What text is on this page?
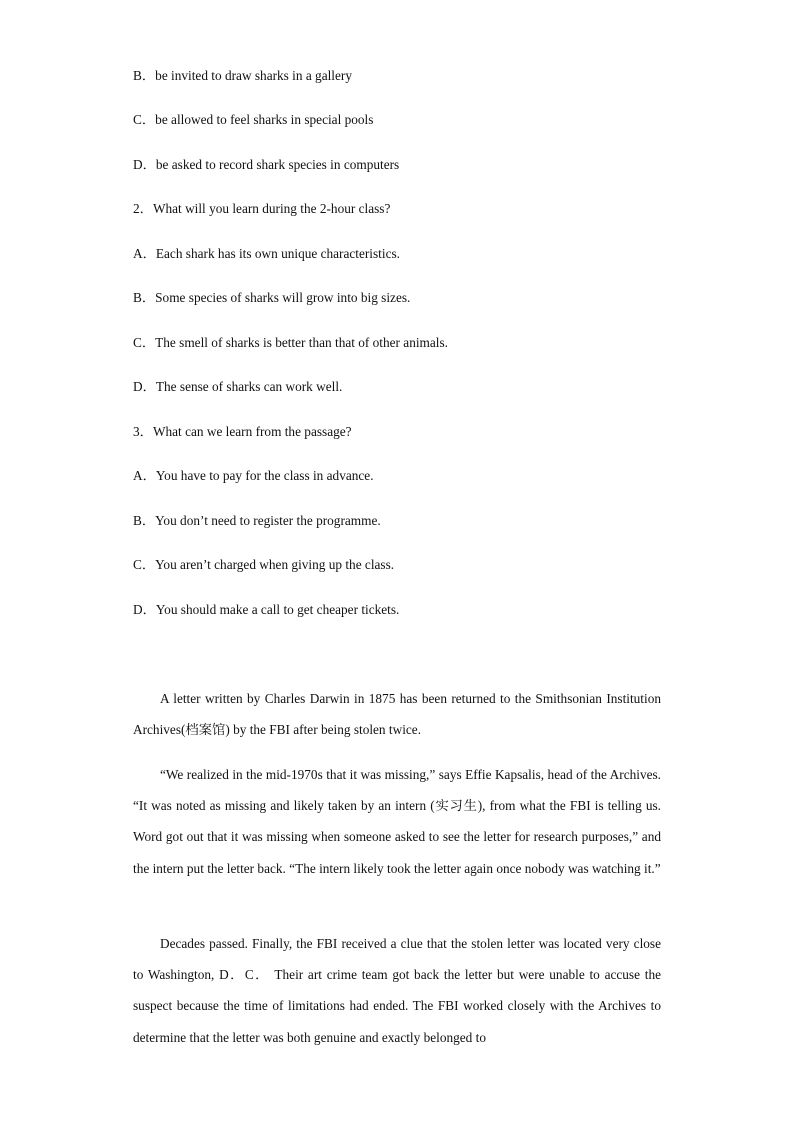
B．be invited to draw sharks in a gallery
C．be allowed to feel sharks in special pools
D．be asked to record shark species in computers
2．What will you learn during the 2-hour class?
A．Each shark has its own unique characteristics.
B．Some species of sharks will grow into big sizes.
C．The smell of sharks is better than that of other animals.
D．The sense of sharks can work well.
3．What can we learn from the passage?
A．You have to pay for the class in advance.
B．You don’t need to register the programme.
C．You aren’t charged when giving up the class.
D．You should make a call to get cheaper tickets.

A letter written by Charles Darwin in 1875 has been returned to the Smithsonian Institution Archives(档案馆) by the FBI after being stolen twice.

“We realized in the mid-1970s that it was missing,” says Effie Kapsalis, head of the Archives. “It was noted as missing and likely taken by an intern (实习生), from what the FBI is telling us. Word got out that it was missing when someone asked to see the letter for research purposes,” and the intern put the letter back. “The intern likely took the letter again once nobody was watching it.”

Decades passed. Finally, the FBI received a clue that the stolen letter was located very close to Washington, D．C． Their art crime team got back the letter but were unable to accuse the suspect because the time of limitations had ended. The FBI worked closely with the Archives to determine that the letter was both genuine and exactly belonged to
